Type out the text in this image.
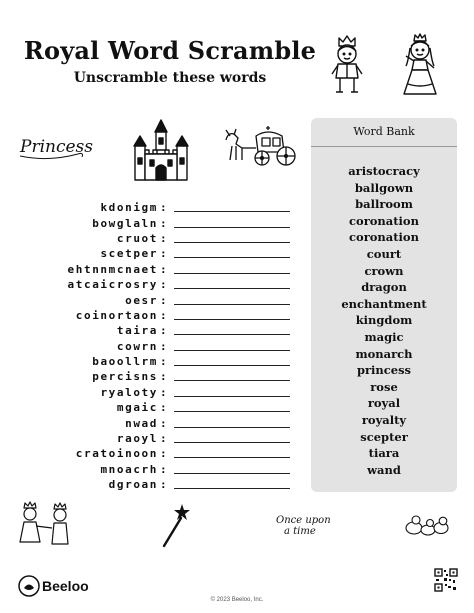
Royal Word Scramble
Unscramble these words
Princess
kdonigm :
bowglaln :
cruot :
scetper :
ehtnnmcnaet :
atcaicrosry :
oesr :
coinortaon :
taira :
cowrn :
baoollrm :
percisns :
ryaloty :
mgaic :
nwad :
raoyl :
cratoinoon :
mnoacrh :
dgroan :
Word Bank
aristocracy
ballgown
ballroom
coronation
coronation
court
crown
dragon
enchantment
kingdom
magic
monarch
princess
rose
royal
royalty
scepter
tiara
wand
Once upon
a time
Beeloo
© 2023 Beeloo, Inc.
